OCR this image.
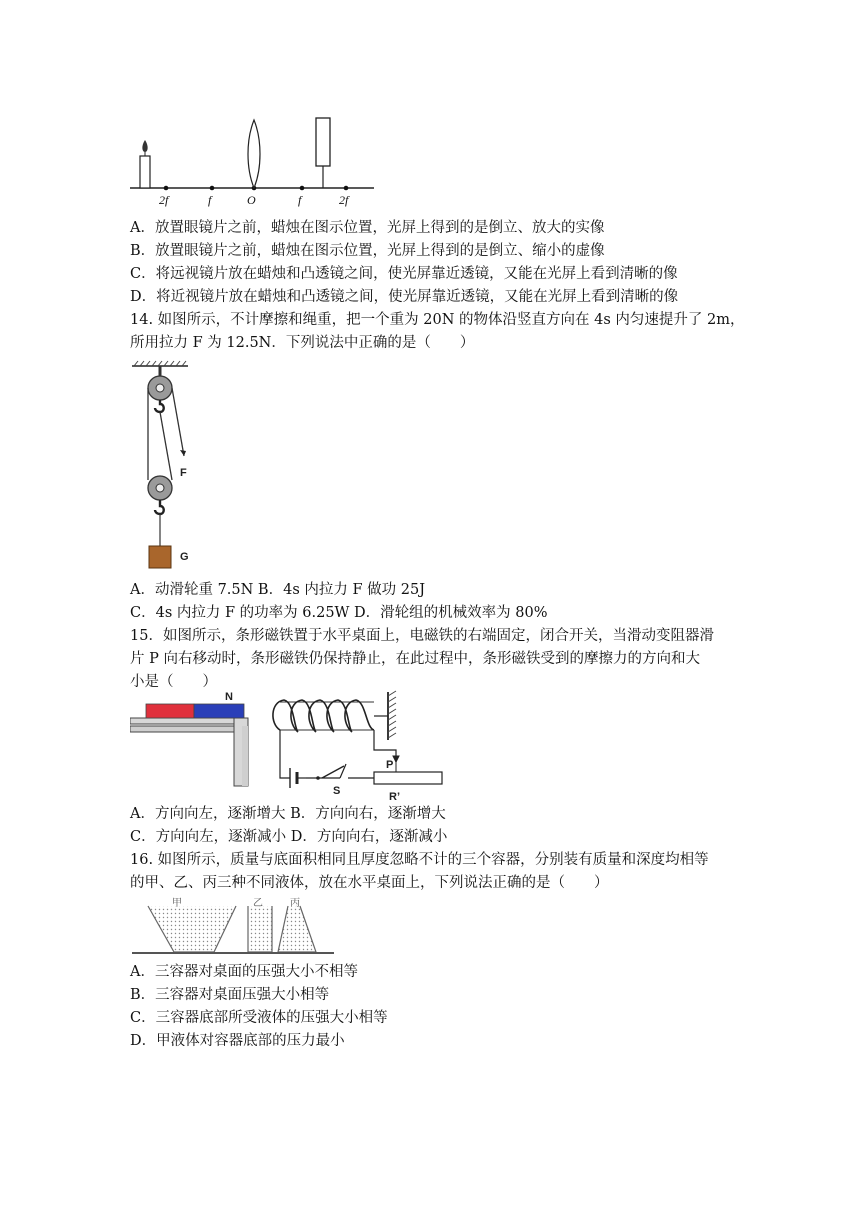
2f	f	O	f	2f
A．放置眼镜片之前，蜡烛在图示位置，光屏上得到的是倒立、放大的实像
B．放置眼镜片之前，蜡烛在图示位置，光屏上得到的是倒立、缩小的虚像
C．将远视镜片放在蜡烛和凸透镜之间，使光屏靠近透镜，又能在光屏上看到清晰的像
D．将近视镜片放在蜡烛和凸透镜之间，使光屏靠近透镜，又能在光屏上看到清晰的像
14. 如图所示，不计摩擦和绳重，把一个重为 20N 的物体沿竖直方向在 4s 内匀速提升了 2m，
所用拉力 F 为 12.5N．下列说法中正确的是（　　）
F
G
A．动滑轮重 7.5N B．4s 内拉力 F 做功 25J
C．4s 内拉力 F 的功率为 6.25W D．滑轮组的机械效率为 80%
15．如图所示，条形磁铁置于水平桌面上，电磁铁的右端固定，闭合开关，当滑动变阻器滑
片 P 向右移动时，条形磁铁仍保持静止，在此过程中，条形磁铁受到的摩擦力的方向和大
小是（　　）
N
S
P
R’
A．方向向左，逐渐增大 B．方向向右，逐渐增大
C．方向向左，逐渐减小 D．方向向右，逐渐减小
16. 如图所示，质量与底面积相同且厚度忽略不计的三个容器，分别装有质量和深度均相等
的甲、乙、丙三种不同液体，放在水平桌面上，下列说法正确的是（　　）
甲	乙	丙
A．三容器对桌面的压强大小不相等
B．三容器对桌面压强大小相等
C．三容器底部所受液体的压强大小相等
D．甲液体对容器底部的压力最小
